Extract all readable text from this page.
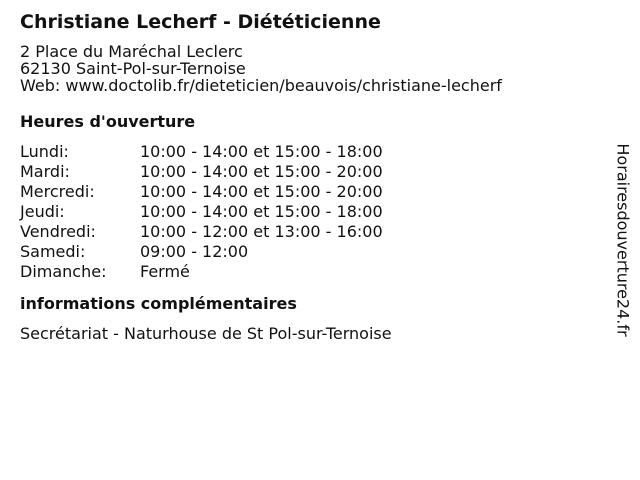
Christiane Lecherf - Diététicienne
2 Place du Maréchal Leclerc
62130 Saint-Pol-sur-Ternoise
Web: www.doctolib.fr/dieteticien/beauvois/christiane-lecherf
Heures d'ouverture
Lundi:	10:00 - 14:00 et 15:00 - 18:00
Mardi:	10:00 - 14:00 et 15:00 - 20:00
Mercredi:	10:00 - 14:00 et 15:00 - 20:00
Jeudi:	10:00 - 14:00 et 15:00 - 18:00
Vendredi:	10:00 - 12:00 et 13:00 - 16:00
Samedi:	09:00 - 12:00
Dimanche:	Fermé
informations complémentaires
Secrétariat - Naturhouse de St Pol-sur-Ternoise	Horairesdouverture24.fr
